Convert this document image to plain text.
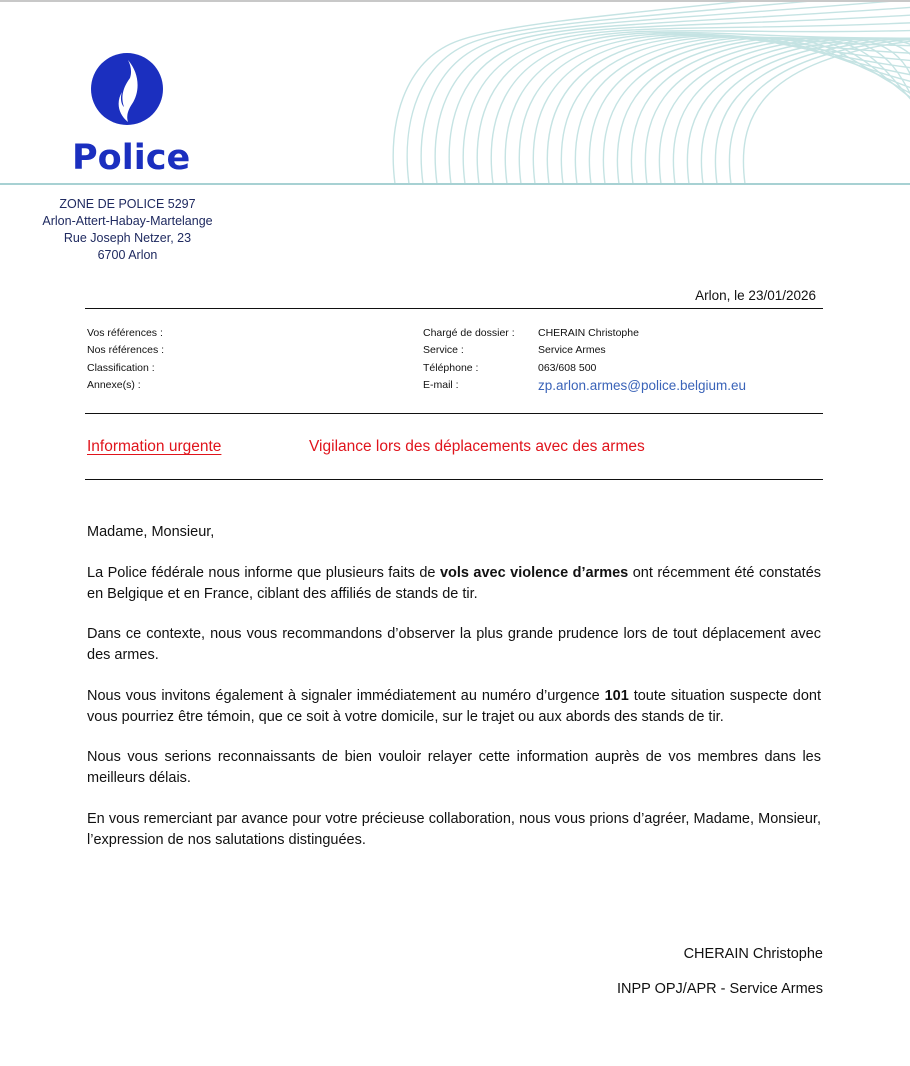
Police
ZONE DE POLICE 5297
Arlon-Attert-Habay-Martelange
Rue Joseph Netzer, 23
6700 Arlon
Arlon, le 23/01/2026
Vos références :
Nos références :
Classification :
Annexe(s) :
Chargé de dossier :	CHERAIN Christophe
Service :	Service Armes
Téléphone :	063/608 500
E-mail :	zp.arlon.armes@police.belgium.eu
Information urgente	Vigilance lors des déplacements avec des armes

Madame, Monsieur,

La Police fédérale nous informe que plusieurs faits de vols avec violence d’armes ont récemment été constatés en Belgique et en France, ciblant des affiliés de stands de tir.

Dans ce contexte, nous vous recommandons d’observer la plus grande prudence lors de tout déplacement avec des armes.

Nous vous invitons également à signaler immédiatement au numéro d’urgence 101 toute situation suspecte dont vous pourriez être témoin, que ce soit à votre domicile, sur le trajet ou aux abords des stands de tir.

Nous vous serions reconnaissants de bien vouloir relayer cette information auprès de vos membres dans les meilleurs délais.

En vous remerciant par avance pour votre précieuse collaboration, nous vous prions d’agréer, Madame, Monsieur, l’expression de nos salutations distinguées.

CHERAIN Christophe
INPP OPJ/APR - Service Armes
